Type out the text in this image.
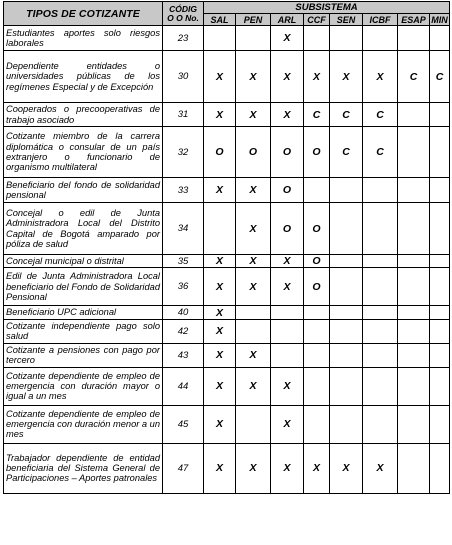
TIPOS DE COTIZANTE	CÓDIG
O O No.	SUBSISTEMA							
		SAL	PEN	ARL	CCF	SEN	ICBF	ESAP	MIN
Estudiantes aportes solo riesgos laborales	23			X					
Dependiente entidades o universidades públicas de los regímenes Especial y de Excepción	30	X	X	X	X	X	X	C	C
Cooperados o precooperativas de trabajo asociado	31	X	X	X	C	C	C		
Cotizante miembro de la carrera diplomática o consular de un país extranjero o funcionario de organismo multilateral	32	O	O	O	O	C	C		
Beneficiario del fondo de solidaridad pensional	33	X	X	O					
Concejal o edil de Junta Administradora Local del Distrito Capital de Bogotá amparado por póliza de salud	34		X	O	O				
Concejal municipal o distrital	35	X	X	X	O				
Edil de Junta Administradora Local beneficiario del Fondo de Solidaridad Pensional	36	X	X	X	O				
Beneficiario UPC adicional	40	X							
Cotizante independiente pago solo salud	42	X							
Cotizante a pensiones con pago por tercero	43	X	X						
Cotizante dependiente de empleo de emergencia con duración mayor o igual a un mes	44	X	X	X					
Cotizante dependiente de empleo de emergencia con duración menor a un mes	45	X		X					
Trabajador dependiente de entidad beneficiaria del Sistema General de Participaciones – Aportes patronales	47	X	X	X	X	X	X		
